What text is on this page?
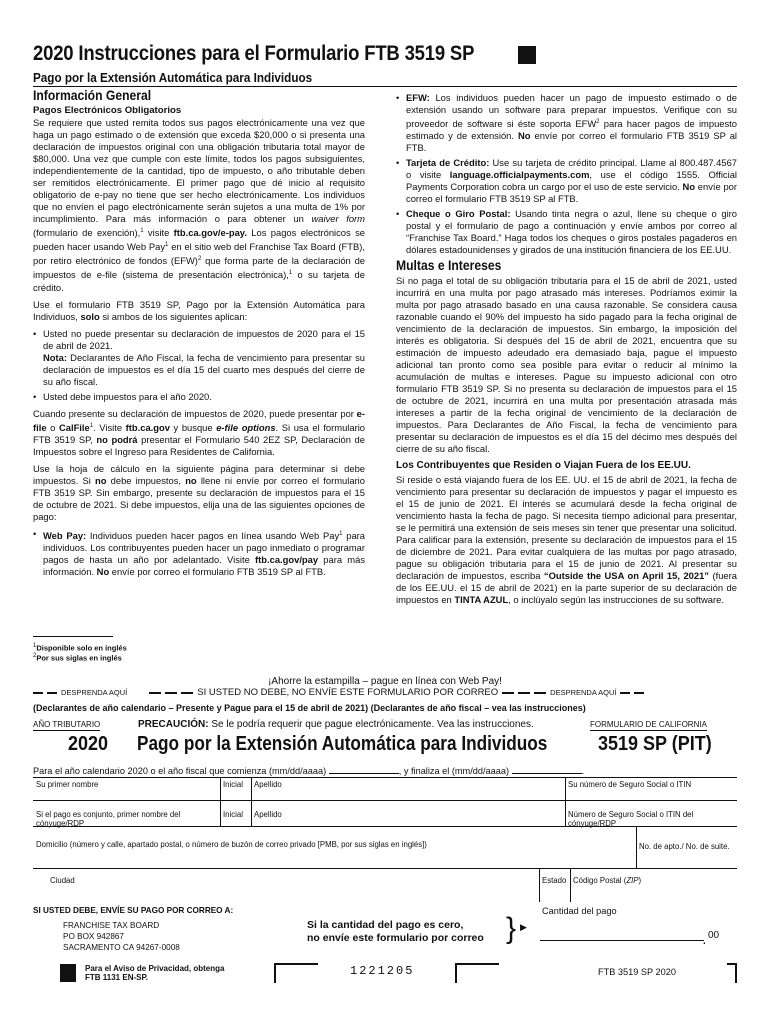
2020 Instrucciones para el Formulario FTB 3519 SP
Pago por la Extensión Automática para Individuos
Información General
Pagos Electrónicos Obligatorios

Se requiere que usted remita todos sus pagos electrónicamente una vez que haga un pago estimado o de extensión que exceda $20,000 o si presenta una declaración de impuestos original con una obligación tributaria total mayor de $80,000. Una vez que cumple con este límite, todos los pagos subsiguientes, independientemente de la cantidad, tipo de impuesto, o año tributable deben ser remitidos electrónicamente. El primer pago que dé inicio al requisito obligatorio de e-pay no tiene que ser hecho electrónicamente. Los individuos que no envíen el pago electrónicamente serán sujetos a una multa de 1% por incumplimiento. Para más información o para obtener un waiver form (formulario de exención),$^1$ visite ftb.ca.gov/e-pay. Los pagos electrónicos se pueden hacer usando Web Pay$^1$ en el sitio web del Franchise Tax Board (FTB), por retiro electrónico de fondos (EFW)$^2$ que forma parte de la declaración de impuestos de e-file (sistema de presentación electrónica),$^1$ o su tarjeta de crédito.

Use el formulario FTB 3519 SP, Pago por la Extensión Automática para Individuos, solo si ambos de los siguientes aplican:

• Usted no puede presentar su declaración de impuestos de 2020 para el 15 de abril de 2021.
Nota: Declarantes de Año Fiscal, la fecha de vencimiento para presentar su declaración de impuestos es el día 15 del cuarto mes después del cierre de su año fiscal.
• Usted debe impuestos para el año 2020.

Cuando presente su declaración de impuestos de 2020, puede presentar por e-file o CalFile$^1$. Visite ftb.ca.gov y busque e-file options. Si usa el formulario FTB 3519 SP, no podrá presentar el Formulario 540 2EZ SP, Declaración de Impuestos sobre el Ingreso para Residentes de California.

Use la hoja de cálculo en la siguiente página para determinar si debe impuestos. Si no debe impuestos, no llene ni envíe por correo el formulario FTB 3519 SP. Sin embargo, presente su declaración de impuestos para el 15 de octubre de 2021. Si debe impuestos, elija una de las siguientes opciones de pago:

• Web Pay: Individuos pueden hacer pagos en línea usando Web Pay$^1$ para individuos. Los contribuyentes pueden hacer un pago inmediato o programar pagos de hasta un año por adelantado. Visite ftb.ca.gov/pay para más información. No envíe por correo el formulario FTB 3519 SP al FTB.
$^1$Disponible solo en inglés
$^2$Por sus siglas en inglés
• EFW: Los individuos pueden hacer un pago de impuesto estimado o de extensión usando un software para preparar impuestos. Verifique con su proveedor de software si éste soporta EFW$^2$ para hacer pagos de impuesto estimado y de extensión. No envíe por correo el formulario FTB 3519 SP al FTB.
• Tarjeta de Crédito: Use su tarjeta de crédito principal. Llame al 800.487.4567 o visite language.officialpayments.com, use el código 1555. Official Payments Corporation cobra un cargo por el uso de este servicio. No envíe por correo el formulario FTB 3519 SP al FTB.
• Cheque o Giro Postal: Usando tinta negra o azul, llene su cheque o giro postal y el formulario de pago a continuación y envíe ambos por correo al “Franchise Tax Board.” Haga todos los cheques o giros postales pagaderos en dólares estadounidenses y girados de una institución financiera de los EE.UU.
Multas e Intereses

Si no paga el total de su obligación tributaria para el 15 de abril de 2021, usted incurrirá en una multa por pago atrasado más intereses. Podríamos eximir la multa por pago atrasado basado en una causa razonable. Se considera causa razonable cuando el 90% del impuesto ha sido pagado para la fecha original de vencimiento de la declaración de impuestos. Sin embargo, la imposición del interés es obligatoria. Si después del 15 de abril de 2021, encuentra que su estimación de impuesto adeudado era demasiado baja, pague el impuesto adicional tan pronto como sea posible para evitar o reducir al mínimo la acumulación de multas e intereses. Pague su impuesto adicional con otro formulario FTB 3519 SP. Si no presenta su declaración de impuestos para el 15 de octubre de 2021, incurrirá en una multa por presentación atrasada más intereses a partir de la fecha original de vencimiento de la declaración de impuestos. Para Declarantes de Año Fiscal, la fecha de vencimiento para presentar su declaración de impuestos es el día 15 del décimo mes después del cierre de su año fiscal.

Los Contribuyentes que Residen o Viajan Fuera de los EE.UU.

Si reside o está viajando fuera de los EE. UU. el 15 de abril de 2021, la fecha de vencimiento para presentar su declaración de impuestos y pagar el impuesto es el 15 de junio de 2021. El interés se acumulará desde la fecha original de vencimiento hasta la fecha de pago. Si necesita tiempo adicional para presentar, se le permitirá una extensión de seis meses sin tener que presentar una solicitud. Para calificar para la extensión, presente su declaración de impuestos para el 15 de diciembre de 2021. Para evitar cualquiera de las multas por pago atrasado, pague su obligación tributaria para el 15 de junio de 2021. Al presentar su declaración de impuestos, escriba “Outside the USA on April 15, 2021” (fuera de los EE.UU. el 15 de abril de 2021) en la parte superior de su declaración de impuestos en TINTA AZUL, o inclúyalo según las instrucciones de su software.

¡Ahorre la estampilla – pague en línea con Web Pay!
DESPRENDA AQUÍ	SI USTED NO DEBE, NO ENVÍE ESTE FORMULARIO POR CORREO	DESPRENDA AQUÍ
(Declarantes de año calendario – Presente y Pague para el 15 de abril de 2021) (Declarantes de año fiscal – vea las instrucciones)
AÑO TRIBUTARIO	PRECAUCIÓN: Se le podría requerir que pague electrónicamente. Vea las instrucciones.	FORMULARIO DE CALIFORNIA
2020 Pago por la Extensión Automática para Individuos	3519 SP (PIT)
Para el año calendario 2020 o el año fiscal que comienza (mm/dd/aaaa)	, y finaliza el (mm/dd/aaaa)	.
Su primer nombre	Inicial	Apellido	Su número de Seguro Social o ITIN
Si el pago es conjunto, primer nombre del cónyuge/RDP
Inicial	Apellido	Número de Seguro Social o ITIN del cónyuge/RDP
Domicilio (número y calle, apartado postal, o número de buzón de correo privado [PMB, por sus siglas en inglés])	No. de apto./ No. de suite.
Ciudad	Estado Código Postal (ZIP)
SI USTED DEBE, ENVÍE SU PAGO POR CORREO A:
FRANCHISE TAX BOARD
PO BOX 942867
SACRAMENTO CA 94267-0008
Si la cantidad del pago es cero,
no envíe este formulario por correo } ▶
Cantidad del pago
.
00
Para el Aviso de Privacidad, obtenga
FTB 1131 EN-SP.	1221205	FTB 3519 SP 2020
